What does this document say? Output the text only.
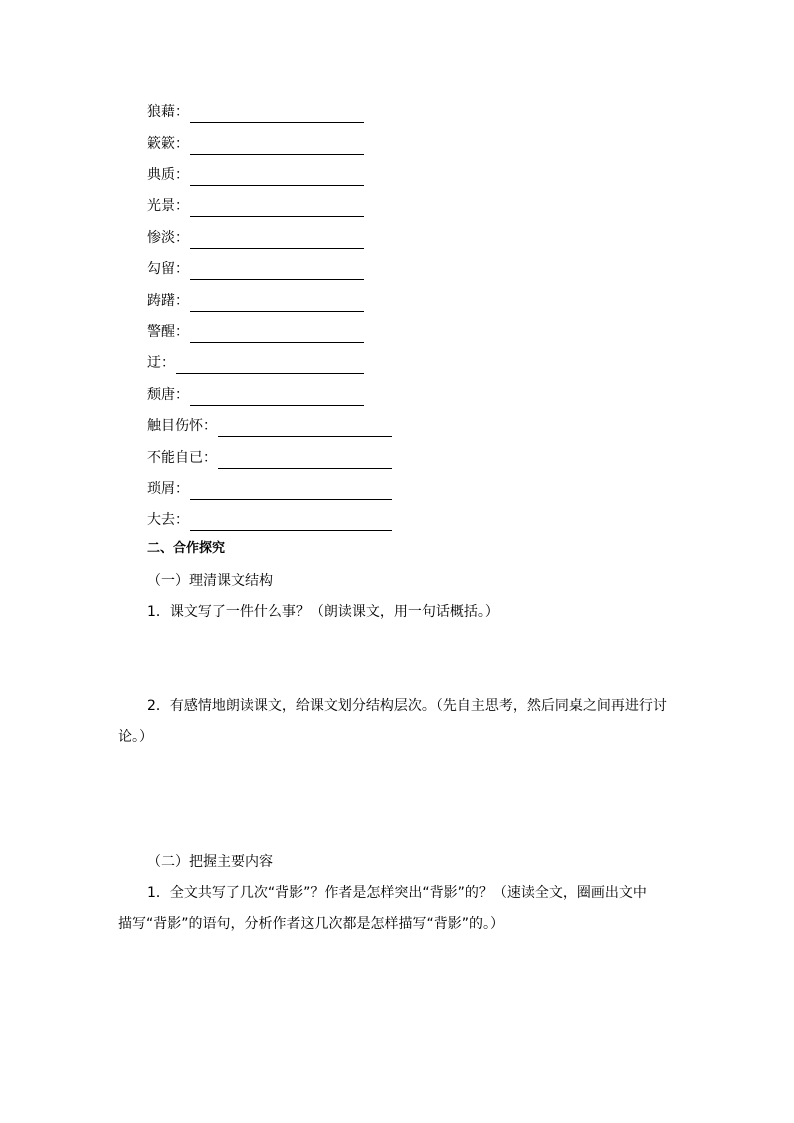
狼藉：
簌簌：
典质：
光景：
惨淡：
勾留：
踌躇：
警醒：
迂：
颓唐：
触目伤怀：
不能自已：
琐屑：
大去：
二、合作探究
（一）理清课文结构
1．课文写了一件什么事？（朗读课文，用一句话概括。）
2．有感情地朗读课文，给课文划分结构层次。（先自主思考，然后同桌之间再进行讨
论。）
（二）把握主要内容
1．全文共写了几次“背影”？作者是怎样突出“背影”的？（速读全文，圈画出文中
描写“背影”的语句，分析作者这几次都是怎样描写“背影”的。）
